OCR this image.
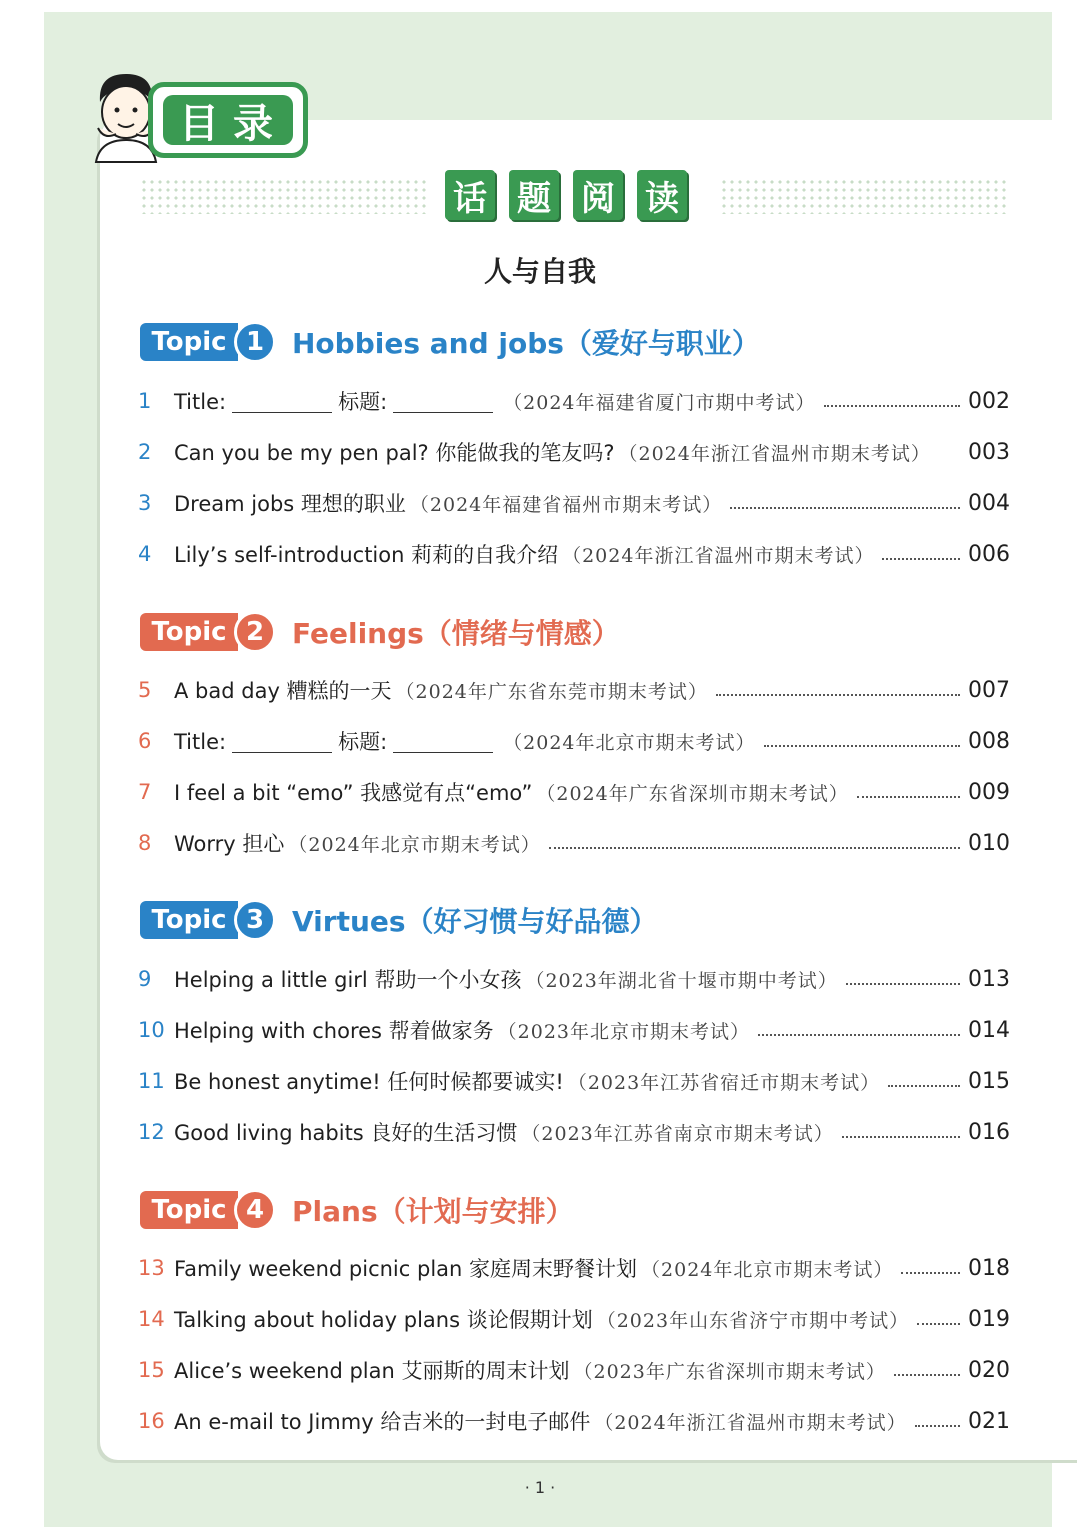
目录
话 题 阅 读
人与自我
Topic 1 Hobbies and jobs（爱好与职业）
1	Title:	标题:	（2024年福建省厦门市期中考试）	002
2	Can you be my pen pal? 你能做我的笔友吗? （2024年浙江省温州市期末考试） 003
3	Dream jobs 理想的职业 （2024年福建省福州市期末考试）	004
4	Lily’s self-introduction 莉莉的自我介绍 （2024年浙江省温州市期末考试）	006
Topic 2 Feelings（情绪与情感）
5	A bad day 糟糕的一天 （2024年广东省东莞市期末考试）	007
6	Title:	标题:	（2024年北京市期末考试）	008
7	I feel a bit “emo” 我感觉有点“emo” （2024年广东省深圳市期末考试）	009
8	Worry 担心 （2024年北京市期末考试）	010
Topic 3 Virtues（好习惯与好品德）
9	Helping a little girl 帮助一个小女孩 （2023年湖北省十堰市期中考试）	013
10 Helping with chores 帮着做家务 （2023年北京市期末考试）	014
11 Be honest anytime! 任何时候都要诚实! （2023年江苏省宿迁市期末考试）	015
12 Good living habits 良好的生活习惯 （2023年江苏省南京市期末考试）	016
Topic 4 Plans（计划与安排）
13 Family weekend picnic plan 家庭周末野餐计划 （2024年北京市期末考试）	018
14 Talking about holiday plans 谈论假期计划 （2023年山东省济宁市期中考试）	019
15 Alice’s weekend plan 艾丽斯的周末计划 （2023年广东省深圳市期末考试）	020
16 An e-mail to Jimmy 给吉米的一封电子邮件 （2024年浙江省温州市期末考试）	021
· 1 ·
